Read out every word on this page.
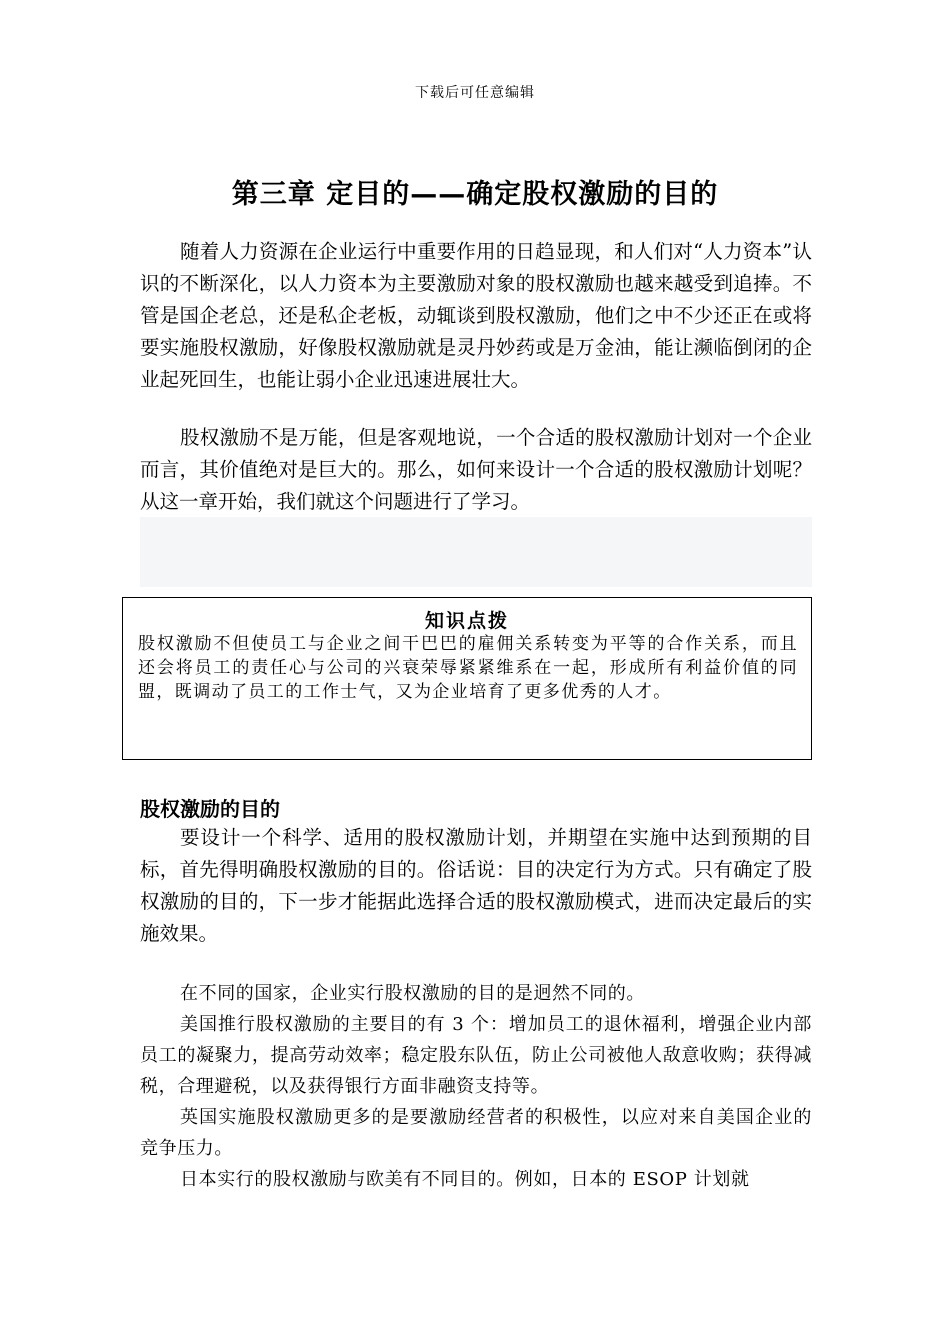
下载后可任意编辑
第三章 定目的——确定股权激励的目的

随着人力资源在企业运行中重要作用的日趋显现，和人们对“人力资本”认识的不断深化，以人力资本为主要激励对象的股权激励也越来越受到追捧。不管是国企老总，还是私企老板，动辄谈到股权激励，他们之中不少还正在或将要实施股权激励，好像股权激励就是灵丹妙药或是万金油，能让濒临倒闭的企业起死回生，也能让弱小企业迅速进展壮大。

股权激励不是万能，但是客观地说，一个合适的股权激励计划对一个企业而言，其价值绝对是巨大的。那么，如何来设计一个合适的股权激励计划呢？从这一章开始，我们就这个问题进行了学习。

知识点拨

股权激励不但使员工与企业之间干巴巴的雇佣关系转变为平等的合作关系，而且还会将员工的责任心与公司的兴衰荣辱紧紧维系在一起，形成所有利益价值的同盟，既调动了员工的工作士气，又为企业培育了更多优秀的人才。

股权激励的目的

要设计一个科学、适用的股权激励计划，并期望在实施中达到预期的目标，首先得明确股权激励的目的。俗话说：目的决定行为方式。只有确定了股权激励的目的，下一步才能据此选择合适的股权激励模式，进而决定最后的实施效果。

在不同的国家，企业实行股权激励的目的是迥然不同的。

美国推行股权激励的主要目的有 3 个：增加员工的退休福利，增强企业内部员工的凝聚力，提高劳动效率；稳定股东队伍，防止公司被他人敌意收购；获得减税，合理避税，以及获得银行方面非融资支持等。

英国实施股权激励更多的是要激励经营者的积极性，以应对来自美国企业的竞争压力。

日本实行的股权激励与欧美有不同目的。例如，日本的 ESOP 计划就
